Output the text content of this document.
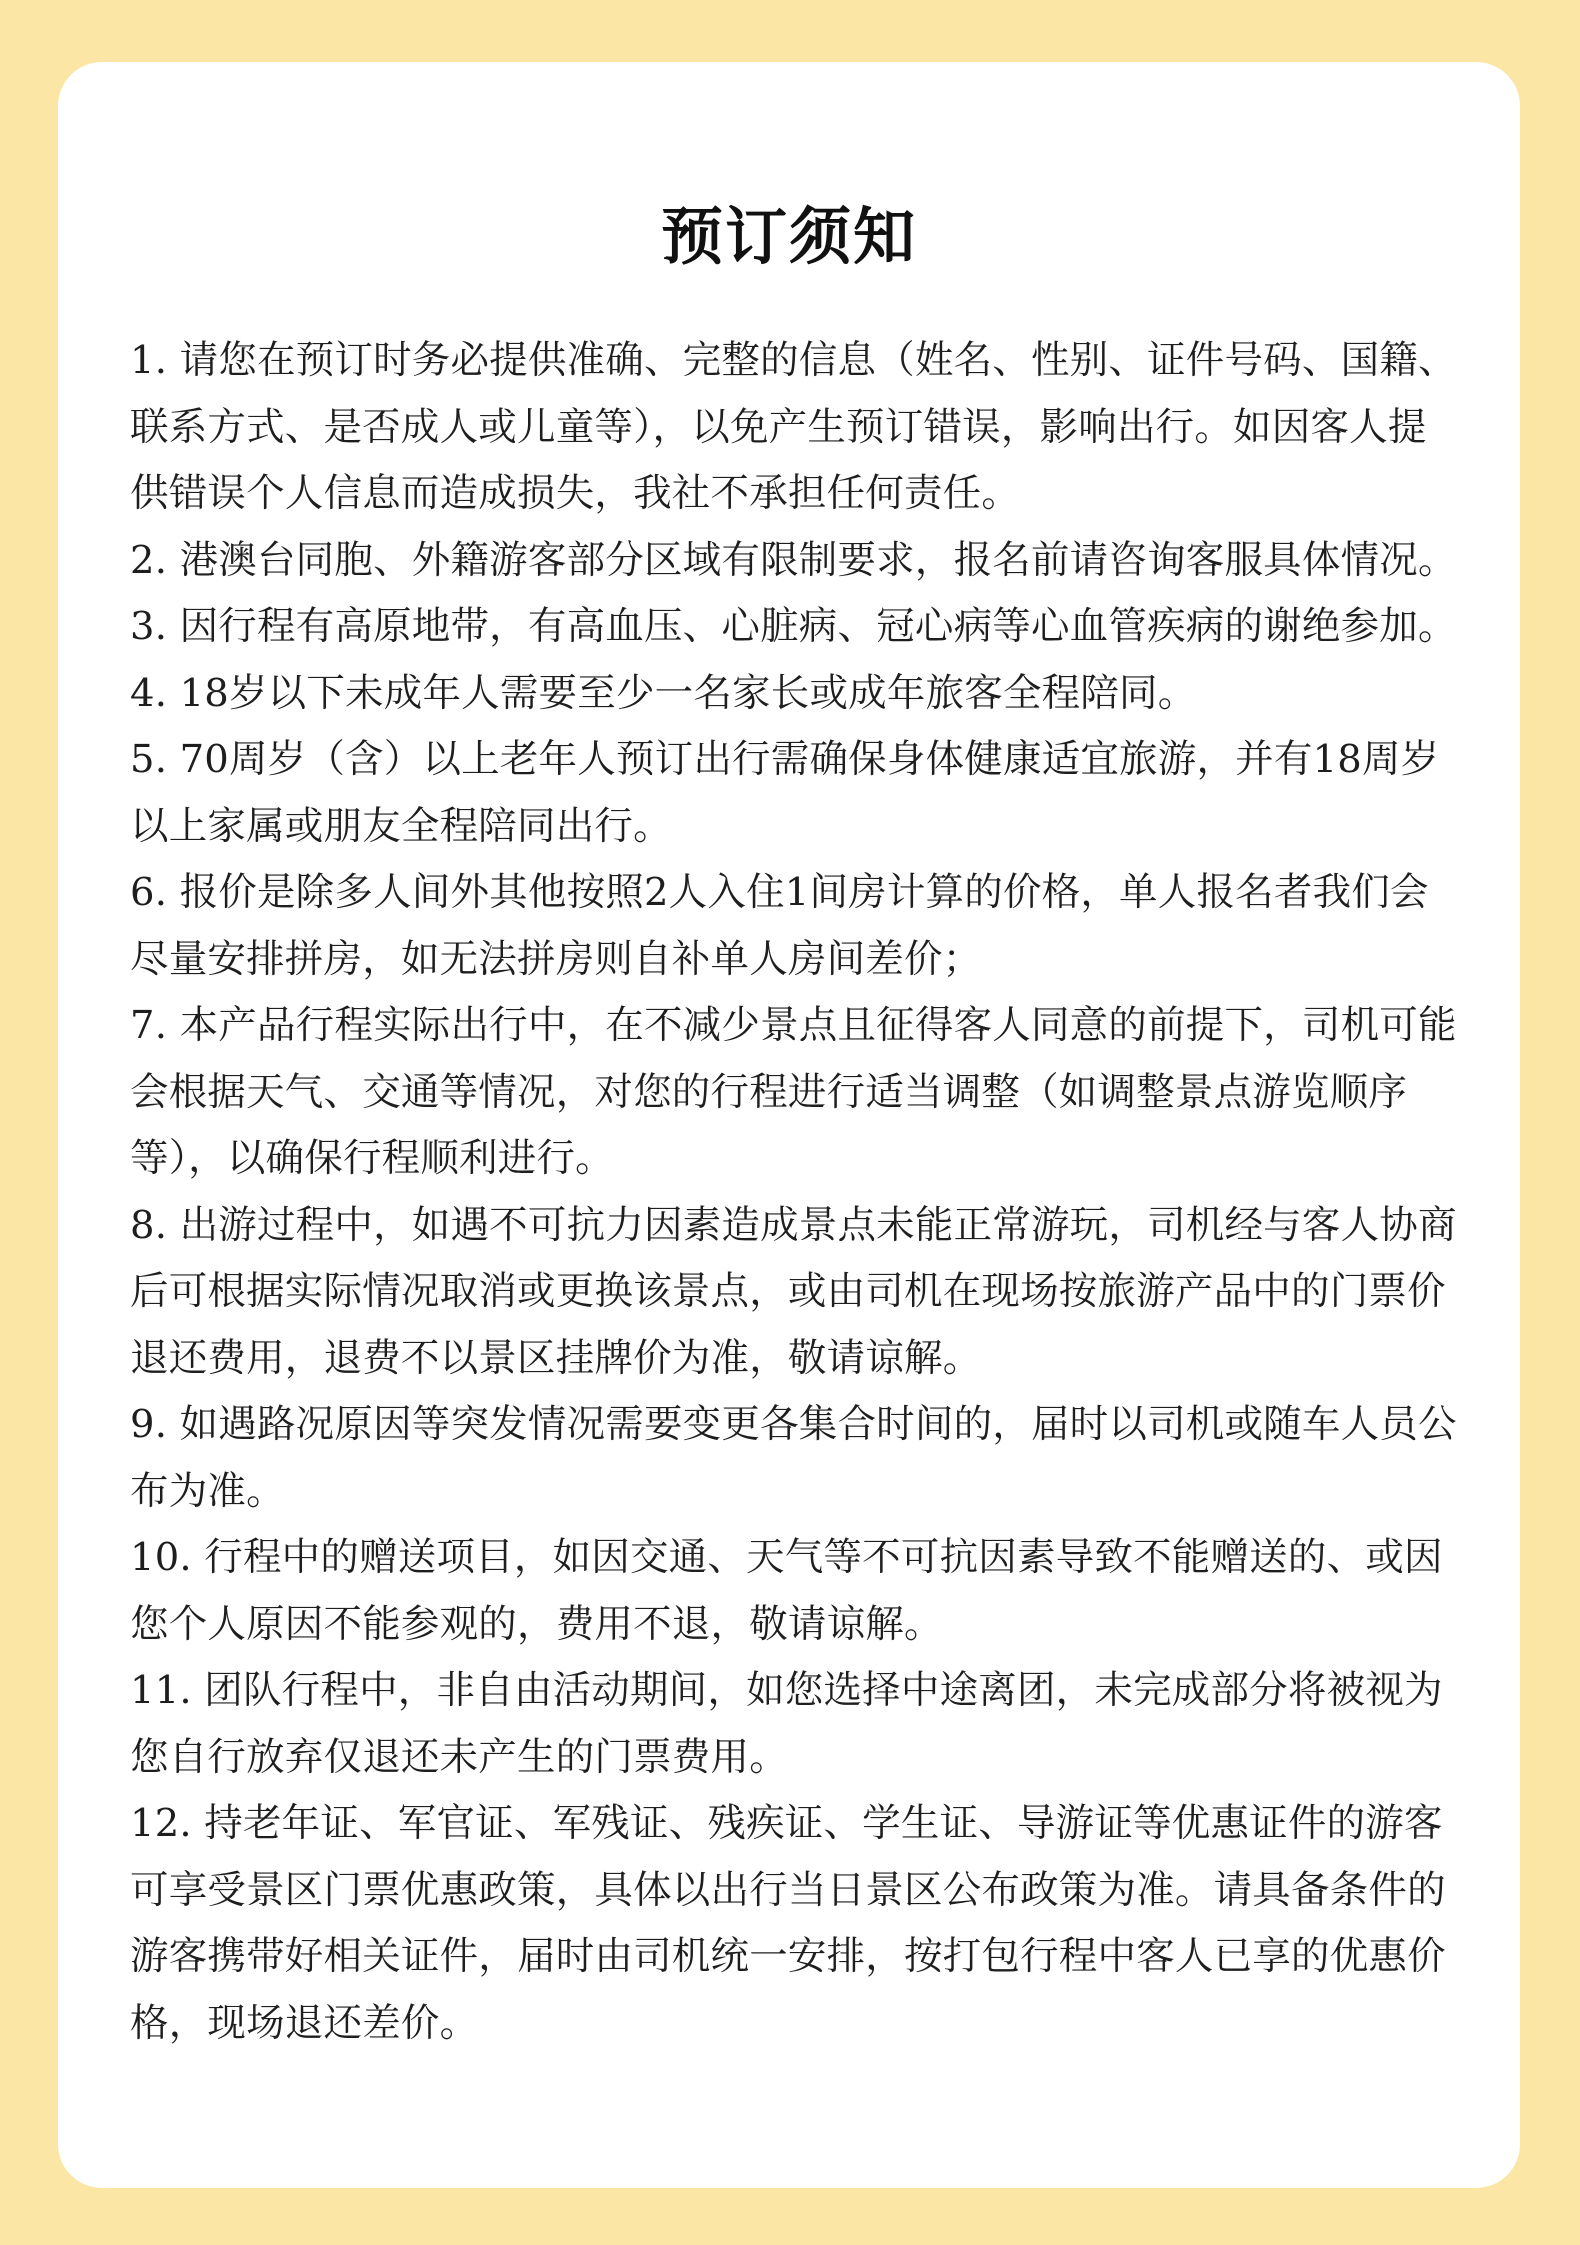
预订须知
1. 请您在预订时务必提供准确、完整的信息（姓名、性别、证件号码、国籍、联系方式、是否成人或儿童等），以免产生预订错误，影响出行。如因客人提供错误个人信息而造成损失，我社不承担任何责任。
2. 港澳台同胞、外籍游客部分区域有限制要求，报名前请咨询客服具体情况。
3. 因行程有高原地带，有高血压、心脏病、冠心病等心血管疾病的谢绝参加。
4. 18岁以下未成年人需要至少一名家长或成年旅客全程陪同。
5. 70周岁（含）以上老年人预订出行需确保身体健康适宜旅游，并有18周岁以上家属或朋友全程陪同出行。
6. 报价是除多人间外其他按照2人入住1间房计算的价格，单人报名者我们会尽量安排拼房，如无法拼房则自补单人房间差价；
7. 本产品行程实际出行中，在不减少景点且征得客人同意的前提下，司机可能会根据天气、交通等情况，对您的行程进行适当调整（如调整景点游览顺序等），以确保行程顺利进行。
8. 出游过程中，如遇不可抗力因素造成景点未能正常游玩，司机经与客人协商后可根据实际情况取消或更换该景点，或由司机在现场按旅游产品中的门票价退还费用，退费不以景区挂牌价为准，敬请谅解。
9. 如遇路况原因等突发情况需要变更各集合时间的，届时以司机或随车人员公布为准。
10. 行程中的赠送项目，如因交通、天气等不可抗因素导致不能赠送的、或因您个人原因不能参观的，费用不退，敬请谅解。
11. 团队行程中，非自由活动期间，如您选择中途离团，未完成部分将被视为您自行放弃仅退还未产生的门票费用。
12. 持老年证、军官证、军残证、残疾证、学生证、导游证等优惠证件的游客可享受景区门票优惠政策，具体以出行当日景区公布政策为准。请具备条件的游客携带好相关证件，届时由司机统一安排，按打包行程中客人已享的优惠价格，现场退还差价。
